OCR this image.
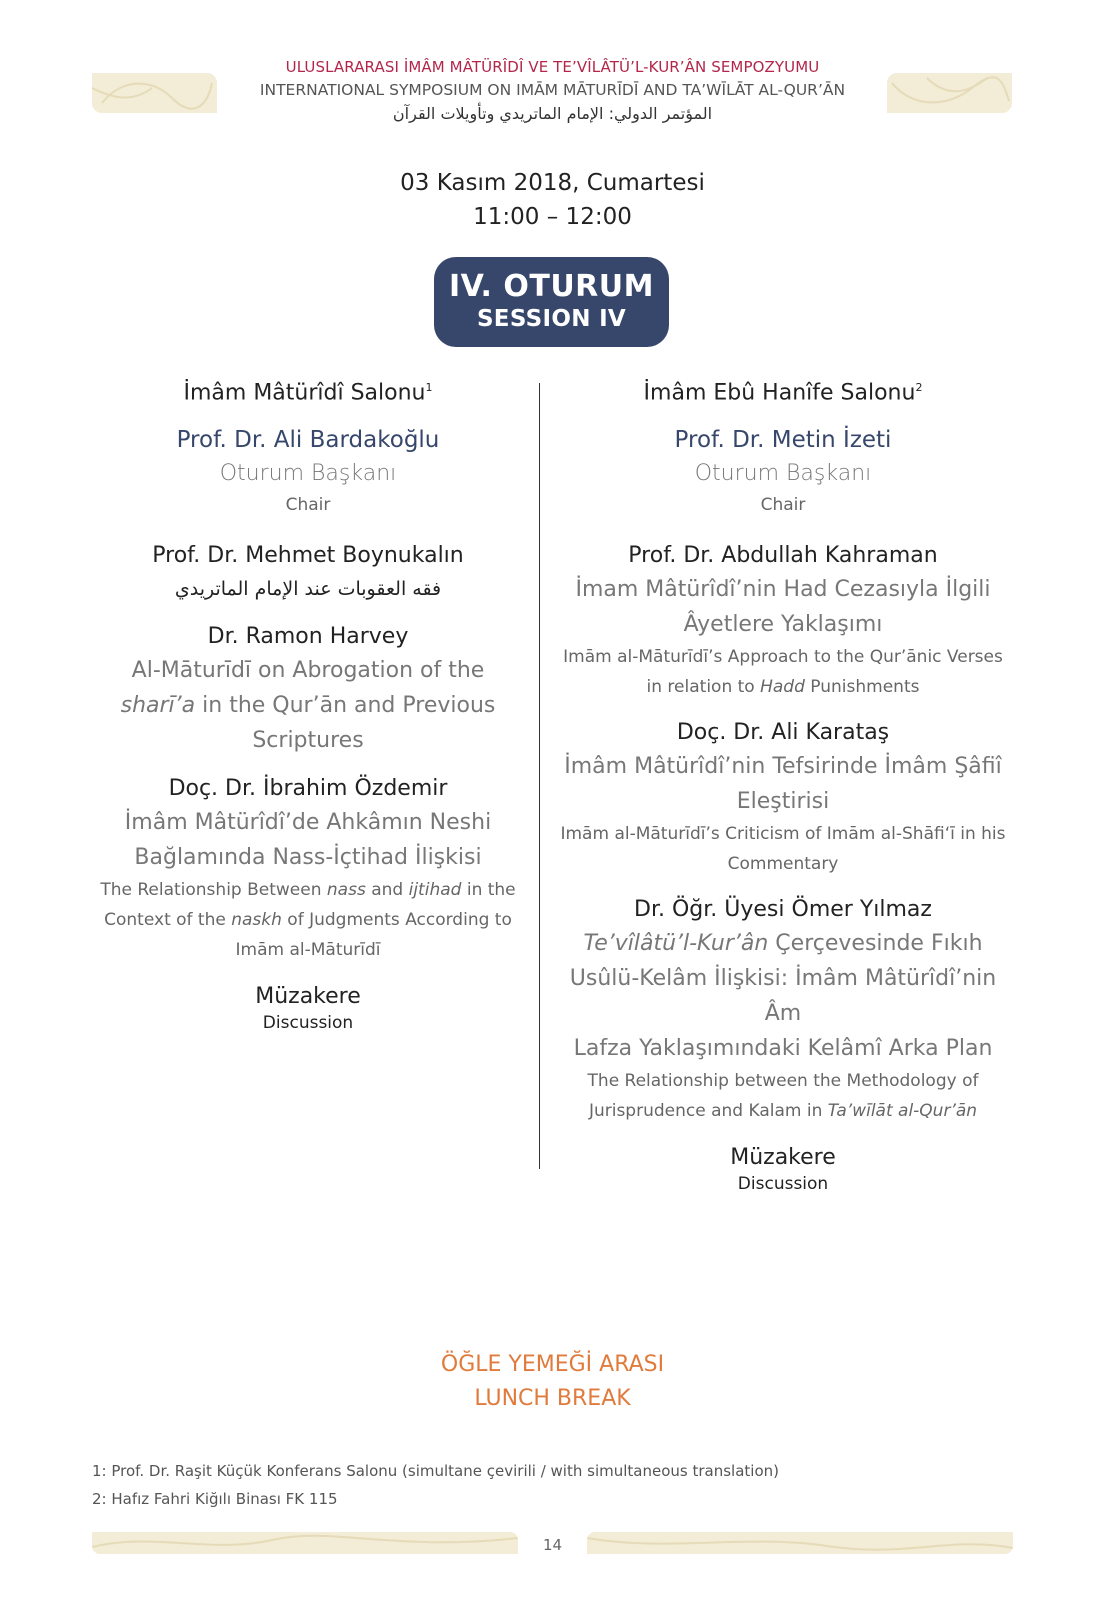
ULUSLARARASI İMÂM MÂTÜRÎDÎ VE TE’VÎLÂTÜ’L-KUR’ÂN SEMPOZYUMU
INTERNATIONAL SYMPOSIUM ON IMĀM MĀTURĪDĪ AND TA’WĪLĀT AL-QUR’ĀN
المؤتمر الدولي: الإمام الماتريدي وتأويلات القرآن
03 Kasım 2018, Cumartesi
11:00 – 12:00
IV. OTURUM
SESSION IV
İmâm Mâtürîdî Salonu$^1$
Prof. Dr. Ali Bardakoğlu
Oturum Başkanı
Chair
Prof. Dr. Mehmet Boynukalın
فقه العقوبات عند الإمام الماتريدي
Dr. Ramon Harvey
Al-Māturīdī on Abrogation of the
sharī’a in the Qur’ān and Previous
Scriptures
Doç. Dr. İbrahim Özdemir
İmâm Mâtürîdî’de Ahkâmın Neshi
Bağlamında Nass-İçtihad İlişkisi
The Relationship Between nass and ijtihad in the
Context of the naskh of Judgments According to
Imām al-Māturīdī
Müzakere
Discussion
İmâm Ebû Hanîfe Salonu$^2$
Prof. Dr. Metin İzeti
Oturum Başkanı
Chair
Prof. Dr. Abdullah Kahraman
İmam Mâtürîdî’nin Had Cezasıyla İlgili
Âyetlere Yaklaşımı
Imām al-Māturīdī’s Approach to the Qur’ānic Verses
in relation to Hadd Punishments
Doç. Dr. Ali Karataş
İmâm Mâtürîdî’nin Tefsirinde İmâm Şâfiî
Eleştirisi
Imām al-Māturīdī’s Criticism of Imām al-Shāfi‘ī in his
Commentary
Dr. Öğr. Üyesi Ömer Yılmaz
Te’vîlâtü’l-Kur’ân Çerçevesinde Fıkıh
Usûlü-Kelâm İlişkisi: İmâm Mâtürîdî’nin Âm
Lafza Yaklaşımındaki Kelâmî Arka Plan
The Relationship between the Methodology of
Jurisprudence and Kalam in Ta’wīlāt al-Qur’ān
Müzakere
Discussion
ÖĞLE YEMEĞİ ARASI
LUNCH BREAK
1: Prof. Dr. Raşit Küçük Konferans Salonu (simultane çevirili / with simultaneous translation)
2: Hafız Fahri Kiğılı Binası FK 115
14
